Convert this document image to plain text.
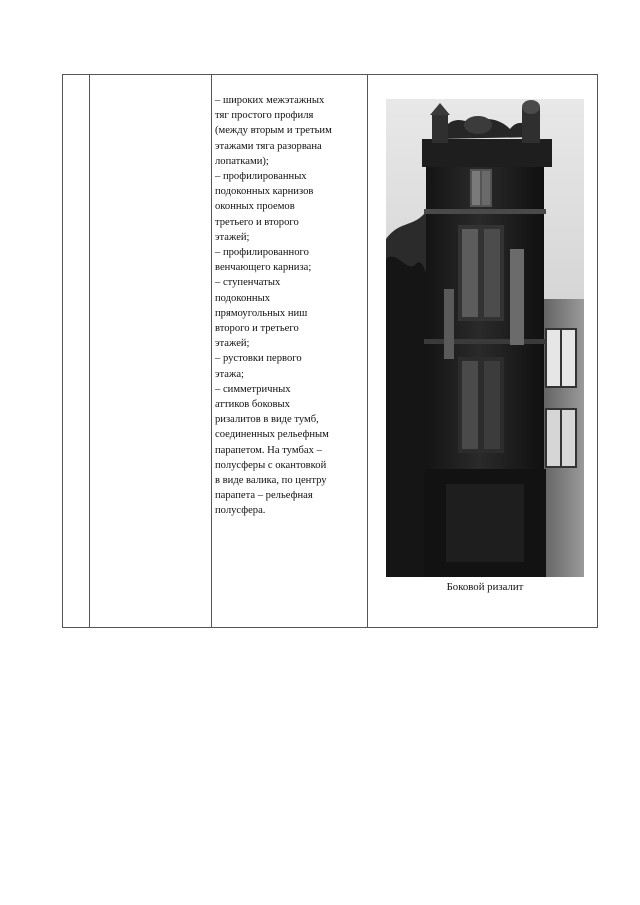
– широких межэтажных

тяг простого профиля

(между вторым и третьим

этажами тяга разорвана

лопатками);

– профилированных

подоконных карнизов

оконных проемов

третьего и второго

этажей;

– профилированного

венчающего карниза;

– ступенчатых

подоконных

прямоугольных ниш

второго и третьего

этажей;

– рустовки первого

этажа;

– симметричных

аттиков боковых

ризалитов в виде тумб,

соединенных рельефным

парапетом. На тумбах –

полусферы с окантовкой

в виде валика, по центру

парапета – рельефная

полусфера.

Боковой ризалит
